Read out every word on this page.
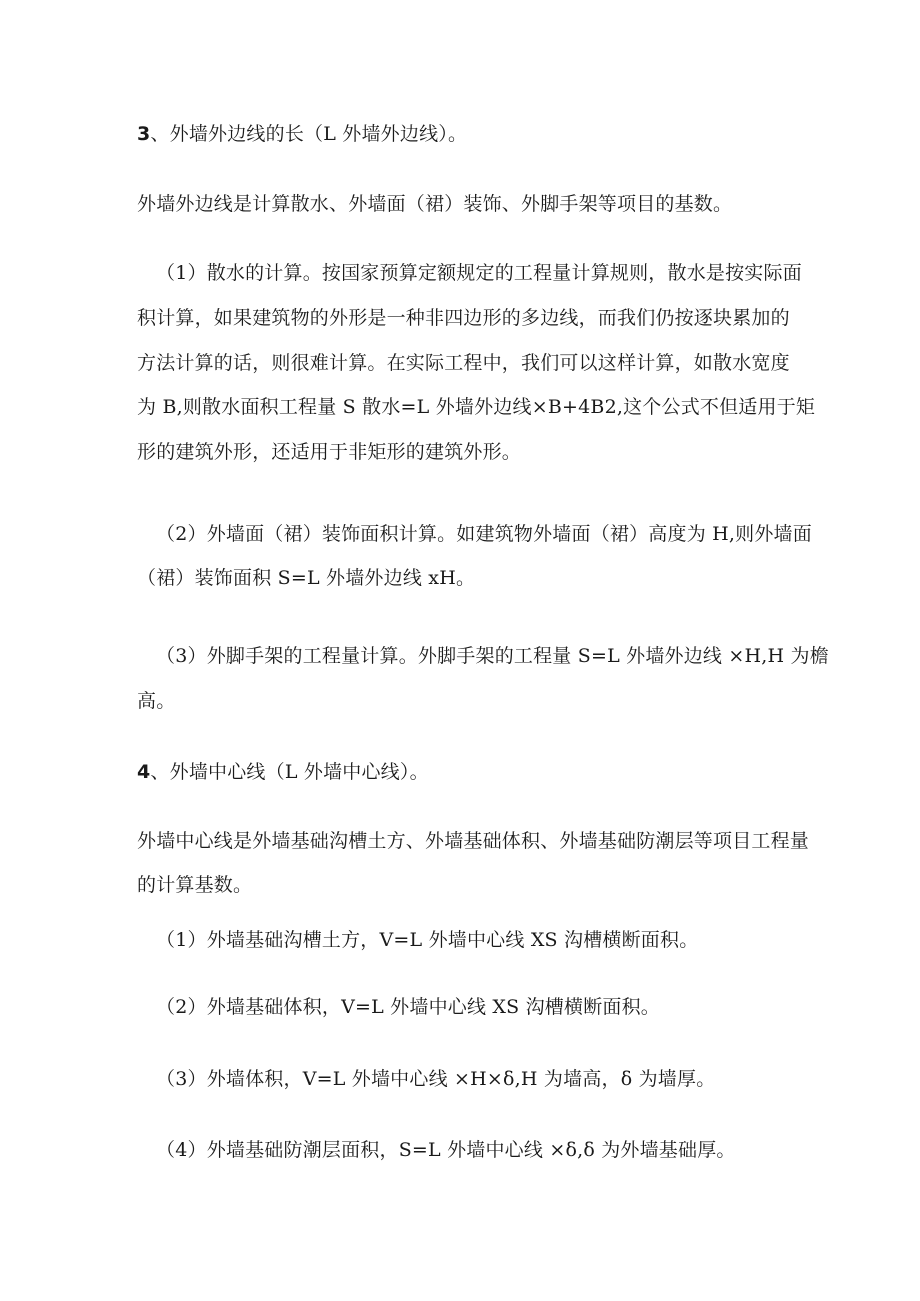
3、外墙外边线的长（L 外墙外边线）。
外墙外边线是计算散水、外墙面（裙）装饰、外脚手架等项目的基数。
（1）散水的计算。按国家预算定额规定的工程量计算规则，散水是按实际面
积计算，如果建筑物的外形是一种非四边形的多边线，而我们仍按逐块累加的
方法计算的话，则很难计算。在实际工程中，我们可以这样计算，如散水宽度
为 B,则散水面积工程量 S 散水=L 外墙外边线×B+4B2,这个公式不但适用于矩
形的建筑外形，还适用于非矩形的建筑外形。
（2）外墙面（裙）装饰面积计算。如建筑物外墙面（裙）高度为 H,则外墙面
（裙）装饰面积 S=L 外墙外边线 xH。
（3）外脚手架的工程量计算。外脚手架的工程量 S=L 外墙外边线 ×H,H 为檐
高。
4、外墙中心线（L 外墙中心线）。
外墙中心线是外墙基础沟槽土方、外墙基础体积、外墙基础防潮层等项目工程量
的计算基数。
（1）外墙基础沟槽土方，V=L 外墙中心线 XS 沟槽横断面积。
（2）外墙基础体积，V=L 外墙中心线 XS 沟槽横断面积。
（3）外墙体积，V=L 外墙中心线 ×H×δ,H 为墙高，δ 为墙厚。
（4）外墙基础防潮层面积，S=L 外墙中心线 ×δ,δ 为外墙基础厚。
